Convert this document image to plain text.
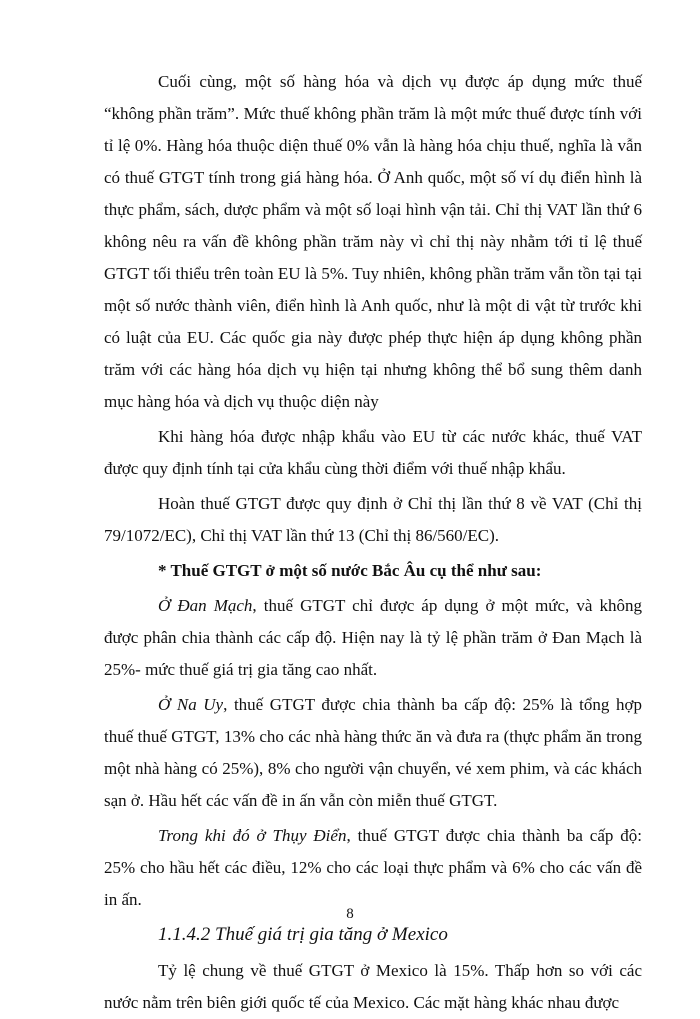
Cuối cùng, một số hàng hóa và dịch vụ được áp dụng mức thuế “không phần trăm”. Mức thuế không phần trăm là một mức thuế được tính với tỉ lệ 0%. Hàng hóa thuộc diện thuế 0% vẫn là hàng hóa chịu thuế, nghĩa là vẫn có thuế GTGT tính trong giá hàng hóa. Ở Anh quốc, một số ví dụ điển hình là thực phẩm, sách, dược phẩm và một số loại hình vận tải. Chỉ thị VAT lần thứ 6 không nêu ra vấn đề không phần trăm này vì chỉ thị này nhằm tới tỉ lệ thuế GTGT tối thiểu trên toàn EU là 5%. Tuy nhiên, không phần trăm vẫn tồn tại tại một số nước thành viên, điển hình là Anh quốc, như là một di vật từ trước khi có luật của EU. Các quốc gia này được phép thực hiện áp dụng không phần trăm với các hàng hóa dịch vụ hiện tại nhưng không thể bổ sung thêm danh mục hàng hóa và dịch vụ thuộc diện này

Khi hàng hóa được nhập khẩu vào EU từ các nước khác, thuế VAT được quy định tính tại cửa khẩu cùng thời điểm với thuế nhập khẩu.

Hoàn thuế GTGT được quy định ở Chỉ thị lần thứ 8 về VAT (Chỉ thị 79/1072/EC), Chỉ thị VAT lần thứ 13 (Chỉ thị 86/560/EC).

* Thuế GTGT ở một số nước Bắc Âu cụ thể như sau:

Ở Đan Mạch, thuế GTGT chỉ được áp dụng ở một mức, và không được phân chia thành các cấp độ. Hiện nay là tỷ lệ phần trăm ở Đan Mạch là 25%- mức thuế giá trị gia tăng cao nhất.

Ở Na Uy, thuế GTGT được chia thành ba cấp độ: 25% là tổng hợp thuế thuế GTGT, 13% cho các nhà hàng thức ăn và đưa ra (thực phẩm ăn trong một nhà hàng có 25%), 8% cho người vận chuyển, vé xem phim, và các khách sạn ở. Hầu hết các vấn đề in ấn vẫn còn miễn thuế GTGT.

Trong khi đó ở Thụy Điển, thuế GTGT được chia thành ba cấp độ: 25% cho hầu hết các điều, 12% cho các loại thực phẩm và 6% cho các vấn đề in ấn.

1.1.4.2 Thuế giá trị gia tăng ở Mexico

Tỷ lệ chung về thuế GTGT ở Mexico là 15%. Thấp hơn so với các nước nằm trên biên giới quốc tế của Mexico. Các mặt hàng khác nhau được

8
